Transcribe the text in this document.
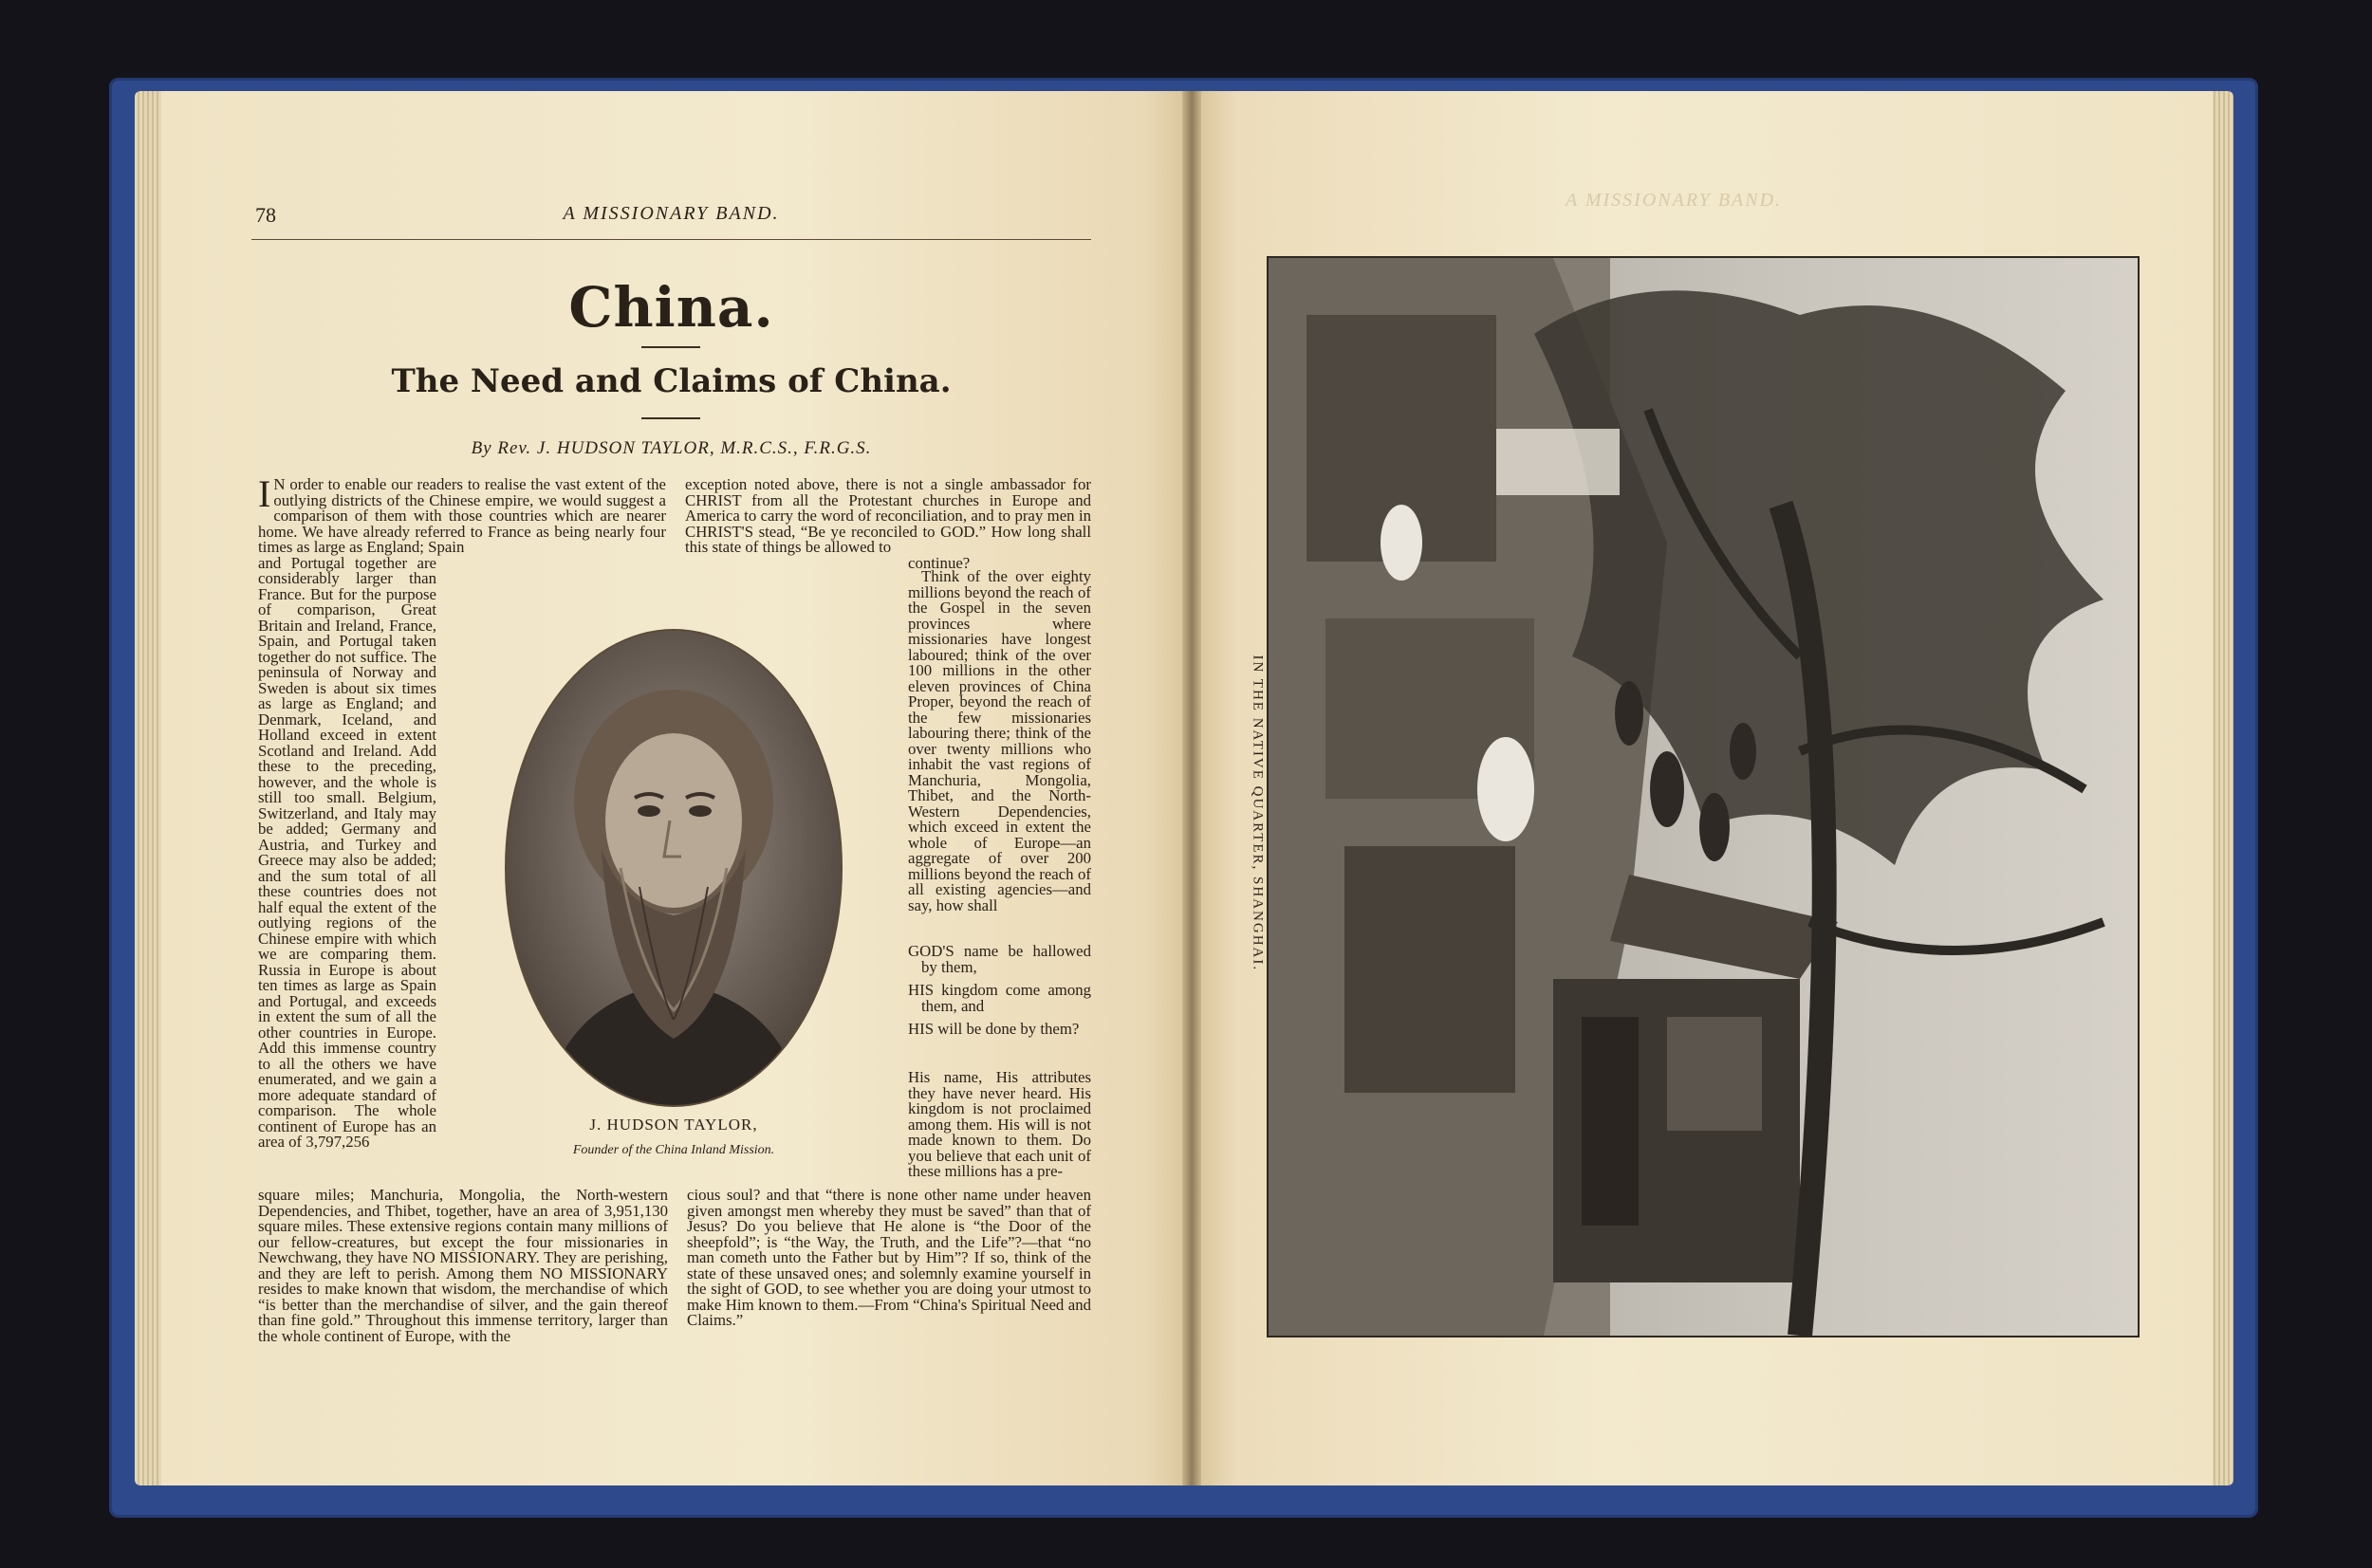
78	A MISSIONARY BAND.
China.
The Need and Claims of China.
By Rev. J. HUDSON TAYLOR, M.R.C.S., F.R.G.S.
I N order to enable our readers to realise the vast extent of the outlying districts of the Chinese empire, we would suggest a comparison of them with those countries which are nearer home. We have already referred to France as being nearly four times as large as England; Spain

and Portugal together are considerably larger than France. But for the purpose of comparison, Great Britain and Ireland, France, Spain, and Portugal taken together do not suffice. The peninsula of Norway and Sweden is about six times as large as England; and Denmark, Iceland, and Holland exceed in extent Scotland and Ireland. Add these to the preceding, however, and the whole is still too small. Belgium, Switzerland, and Italy may be added; Germany and Austria, and Turkey and Greece may also be added; and the sum total of all these countries does not half equal the extent of the outlying regions of the Chinese empire with which we are comparing them. Russia in Europe is about ten times as large as Spain and Portugal, and exceeds in extent the sum of all the other countries in Europe. Add this immense country to all the others we have enumerated, and we gain a more adequate standard of comparison. The whole continent of Europe has an area of 3,797,256

J. HUDSON TAYLOR,
Founder of the China Inland Mission.

square miles; Manchuria, Mongolia, the North-western Dependencies, and Thibet, together, have an area of 3,951,130 square miles. These extensive regions contain many millions of our fellow-creatures, but except the four missionaries in Newchwang, they have NO MISSIONARY. They are perishing, and they are left to perish. Among them NO MISSIONARY resides to make known that wisdom, the merchandise of which “is better than the merchandise of silver, and the gain thereof than fine gold.” Throughout this immense territory, larger than the whole continent of Europe, with the

exception noted above, there is not a single ambassador for CHRIST from all the Protestant churches in Europe and America to carry the word of reconciliation, and to pray men in CHRIST'S stead, “Be ye reconciled to GOD.” How long shall this state of things be allowed to

continue?

Think of the over eighty millions beyond the reach of the Gospel in the seven provinces where missionaries have longest laboured; think of the over 100 millions in the other eleven provinces of China Proper, beyond the reach of the few missionaries labouring there; think of the over twenty millions who inhabit the vast regions of Manchuria, Mongolia, Thibet, and the North-Western Dependencies, which exceed in extent the whole of Europe—an aggregate of over 200 millions beyond the reach of all existing agencies—and say, how shall

GOD'S name be hallowed by them,

HIS kingdom come among them, and

HIS will be done by them?

His name, His attributes they have never heard. His kingdom is not proclaimed among them. His will is not made known to them. Do you believe that each unit of these millions has a pre-

cious soul? and that “there is none other name under heaven given amongst men whereby they must be saved” than that of Jesus? Do you believe that He alone is “the Door of the sheepfold”; is “the Way, the Truth, and the Life”?—that “no man cometh unto the Father but by Him”? If so, think of the state of these unsaved ones; and solemnly examine yourself in the sight of GOD, to see whether you are doing your utmost to make Him known to them.—From “China's Spiritual Need and Claims.”

A MISSIONARY BAND.
IN THE NATIVE QUARTER, SHANGHAI.
